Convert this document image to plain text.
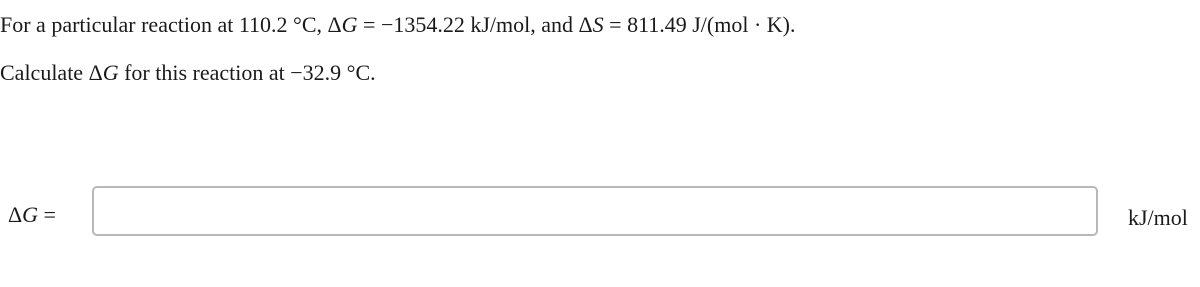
For a particular reaction at 110.2 °C, ΔG = −1354.22 kJ/mol, and ΔS = 811.49 J/(mol · K).
Calculate ΔG for this reaction at −32.9 °C.
ΔG =	kJ/mol
